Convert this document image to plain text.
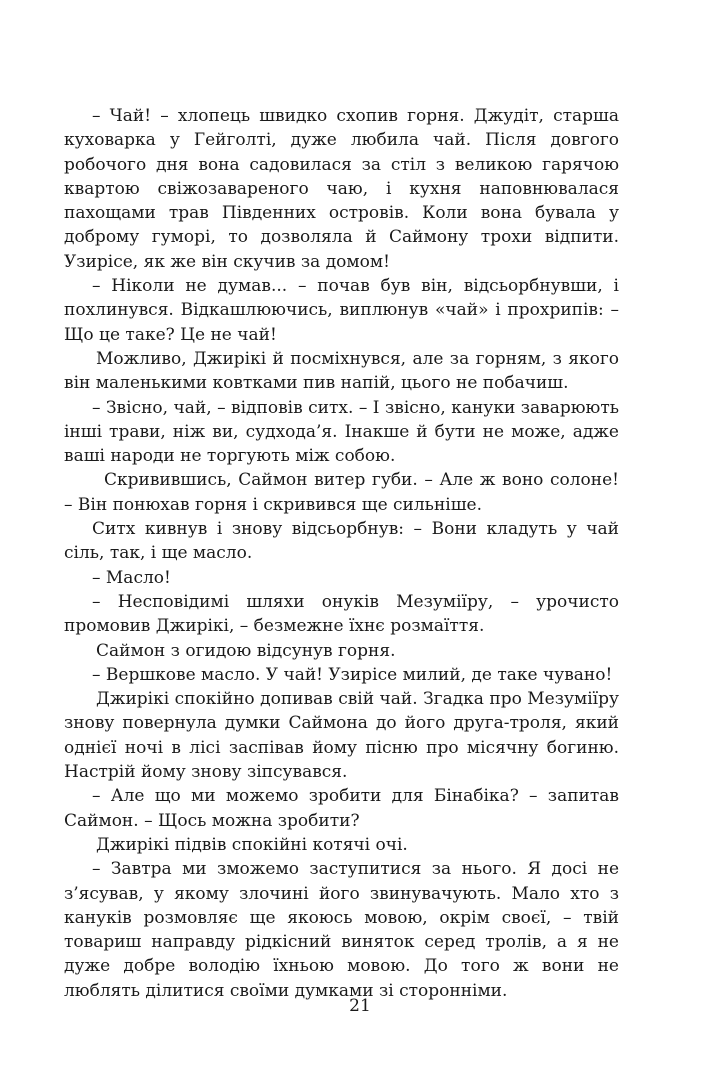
– Чай! – хлопець швидко схопив горня. Джудіт, старша куховарка у Гейголті, дуже любила чай. Після довгого робочого дня вона садовилася за стіл з великою гарячою квартою свіжозавареного чаю, і кухня наповнювалася пахощами трав Південних островів. Коли вона бувала у доброму гуморі, то дозволяла й Саймону трохи відпити. Узирісе, як же він скучив за домом!

– Ніколи не думав... – почав був він, відсьорбнувши, і похлинувся. Відкашлюючись, виплюнув «чай» і прохрипів: – Що це таке? Це не чай!

Можливо, Джирікі й посміхнувся, але за горням, з якого він маленькими ковтками пив напій, цього не побачиш.

– Звісно, чай, – відповів ситх. – І звісно, кануки заварюють інші трави, ніж ви, судхода’я. Інакше й бути не може, адже ваші народи не торгують між собою.

Скривившись, Саймон витер губи. – Але ж воно солоне! – Він понюхав горня і скривився ще сильніше.

Ситх кивнув і знову відсьорбнув: – Вони кладуть у чай сіль, так, і ще масло.

– Масло!

– Несповідимі шляхи онуків Мезуміїру, – урочисто промовив Джирікі, – безмежне їхнє розмаїття.

Саймон з огидою відсунув горня.

– Вершкове масло. У чай! Узирісе милий, де таке чувано!

Джирікі спокійно допивав свій чай. Згадка про Мезуміїру знову повернула думки Саймона до його друга-троля, який однієї ночі в лісі заспівав йому пісню про місячну богиню. Настрій йому знову зіпсувався.

– Але що ми можемо зробити для Бінабіка? – запитав Саймон. – Щось можна зробити?

Джирікі підвів спокійні котячі очі.

– Завтра ми зможемо заступитися за нього. Я досі не з’ясував, у якому злочині його звинувачують. Мало хто з кануків розмовляє ще якоюсь мовою, окрім своєї, – твій товариш направду рідкісний виняток серед тролів, а я не дуже добре володію їхньою мовою. До того ж вони не люблять ділитися своїми думками зі сторонніми.

21
